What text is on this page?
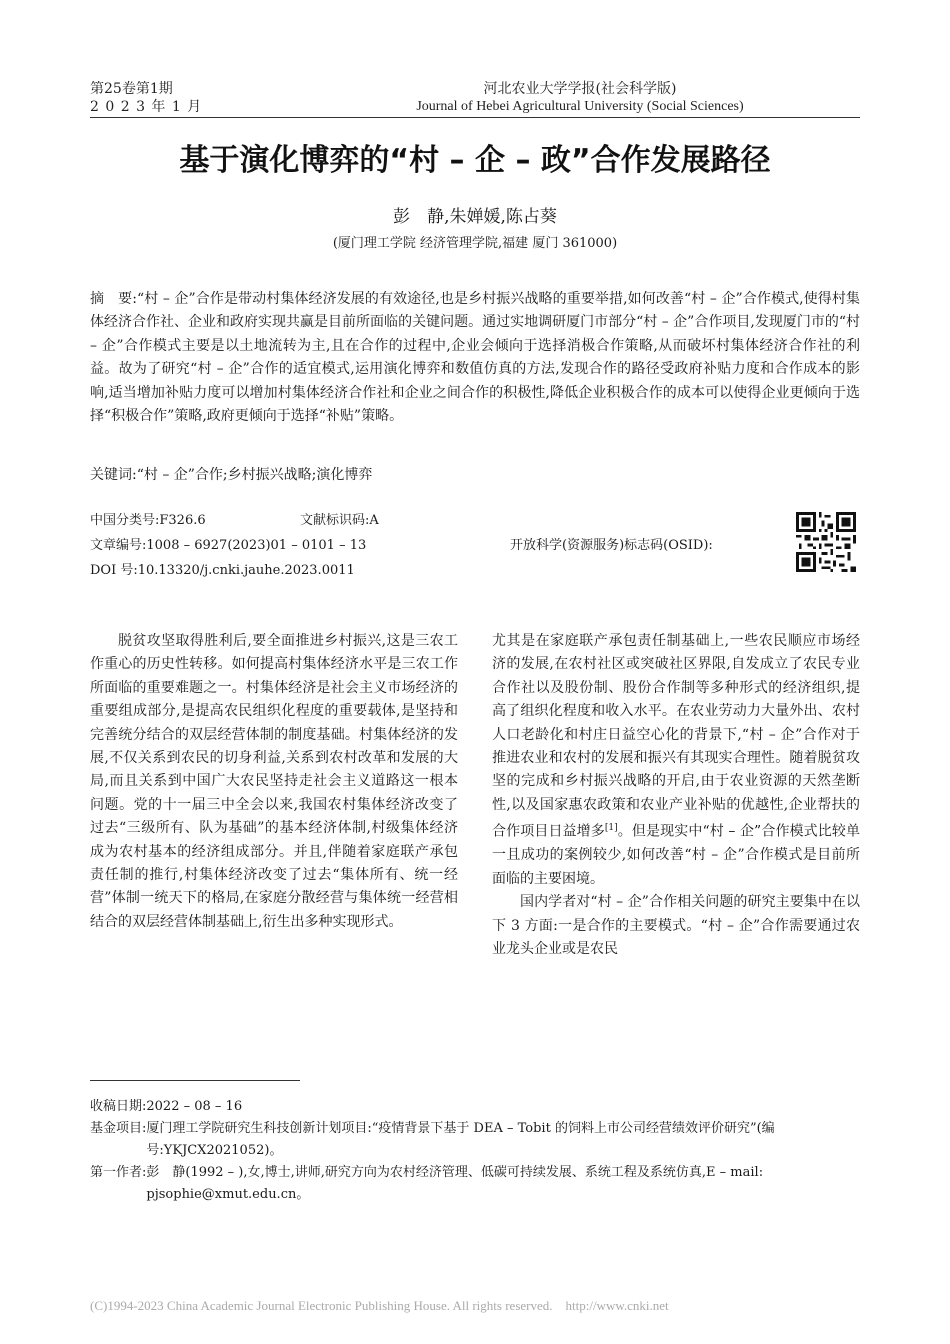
第25卷第1期
2 0 2 3 年 1 月
河北农业大学学报(社会科学版)
Journal of Hebei Agricultural University (Social Sciences)
基于演化博弈的“村 – 企 – 政”合作发展路径
彭　静,朱婵媛,陈占葵
(厦门理工学院 经济管理学院,福建 厦门 361000)
摘　要:“村 – 企”合作是带动村集体经济发展的有效途径,也是乡村振兴战略的重要举措,如何改善“村 – 企”合作模式,使得村集体经济合作社、企业和政府实现共赢是目前所面临的关键问题。通过实地调研厦门市部分“村 – 企”合作项目,发现厦门市的“村 – 企”合作模式主要是以土地流转为主,且在合作的过程中,企业会倾向于选择消极合作策略,从而破坏村集体经济合作社的利益。故为了研究“村 – 企”合作的适宜模式,运用演化博弈和数值仿真的方法,发现合作的路径受政府补贴力度和合作成本的影响,适当增加补贴力度可以增加村集体经济合作社和企业之间合作的积极性,降低企业积极合作的成本可以使得企业更倾向于选择“积极合作”策略,政府更倾向于选择“补贴”策略。
关键词:“村 – 企”合作;乡村振兴战略;演化博弈
中国分类号:F326.6	文献标识码:A
文章编号:1008 – 6927(2023)01 – 0101 – 13
DOI 号:10.13320/j.cnki.jauhe.2023.0011
开放科学(资源服务)标志码(OSID):

脱贫攻坚取得胜利后,要全面推进乡村振兴,这是三农工作重心的历史性转移。如何提高村集体经济水平是三农工作所面临的重要难题之一。村集体经济是社会主义市场经济的重要组成部分,是提高农民组织化程度的重要载体,是坚持和完善统分结合的双层经营体制的制度基础。村集体经济的发展,不仅关系到农民的切身利益,关系到农村改革和发展的大局,而且关系到中国广大农民坚持走社会主义道路这一根本问题。党的十一届三中全会以来,我国农村集体经济改变了过去“三级所有、队为基础”的基本经济体制,村级集体经济成为农村基本的经济组成部分。并且,伴随着家庭联产承包责任制的推行,村集体经济改变了过去“集体所有、统一经营”体制一统天下的格局,在家庭分散经营与集体统一经营相结合的双层经营体制基础上,衍生出多种实现形式。

尤其是在家庭联产承包责任制基础上,一些农民顺应市场经济的发展,在农村社区或突破社区界限,自发成立了农民专业合作社以及股份制、股份合作制等多种形式的经济组织,提高了组织化程度和收入水平。在农业劳动力大量外出、农村人口老龄化和村庄日益空心化的背景下,“村 – 企”合作对于推进农业和农村的发展和振兴有其现实合理性。随着脱贫攻坚的完成和乡村振兴战略的开启,由于农业资源的天然垄断性,以及国家惠农政策和农业产业补贴的优越性,企业帮扶的合作项目日益增多[1]。但是现实中“村 – 企”合作模式比较单一且成功的案例较少,如何改善“村 – 企”合作模式是目前所面临的主要困境。

国内学者对“村 – 企”合作相关问题的研究主要集中在以下 3 方面:一是合作的主要模式。“村 – 企”合作需要通过农业龙头企业或是农民

收稿日期: 2022 – 08 – 16
基金项目: 厦门理工学院研究生科技创新计划项目:“疫情背景下基于 DEA – Tobit 的饲料上市公司经营绩效评价研究”(编号:YKJCX2021052)。
第一作者: 彭　静(1992 – ),女,博士,讲师,研究方向为农村经济管理、低碳可持续发展、系统工程及系统仿真,E – mail: pjsophie@xmut.edu.cn。
(C)1994-2023 China Academic Journal Electronic Publishing House. All rights reserved.    http://www.cnki.net
